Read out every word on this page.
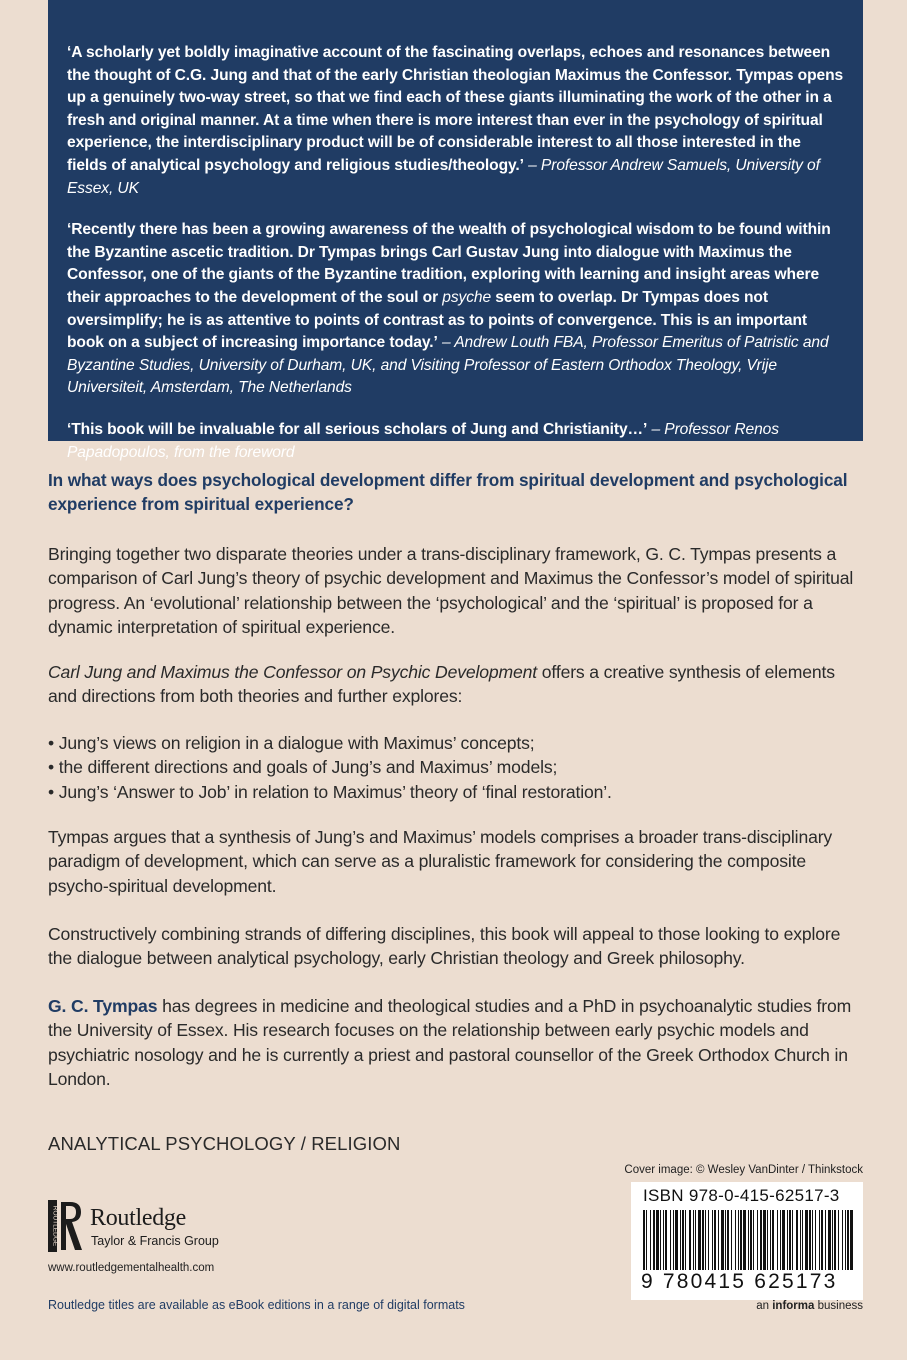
‘A scholarly yet boldly imaginative account of the fascinating overlaps, echoes and resonances between the thought of C.G. Jung and that of the early Christian theologian Maximus the Confessor. Tympas opens up a genuinely two-way street, so that we find each of these giants illuminating the work of the other in a fresh and original manner. At a time when there is more interest than ever in the psychology of spiritual experience, the interdisciplinary product will be of considerable interest to all those interested in the fields of analytical psychology and religious studies/theology.’ – Professor Andrew Samuels, University of Essex, UK

‘Recently there has been a growing awareness of the wealth of psychological wisdom to be found within the Byzantine ascetic tradition. Dr Tympas brings Carl Gustav Jung into dialogue with Maximus the Confessor, one of the giants of the Byzantine tradition, exploring with learning and insight areas where their approaches to the development of the soul or psyche seem to overlap. Dr Tympas does not oversimplify; he is as attentive to points of contrast as to points of convergence. This is an important book on a subject of increasing importance today.’ – Andrew Louth FBA, Professor Emeritus of Patristic and Byzantine Studies, University of Durham, UK, and Visiting Professor of Eastern Orthodox Theology, Vrije Universiteit, Amsterdam, The Netherlands

‘This book will be invaluable for all serious scholars of Jung and Christianity…’ – Professor Renos Papadopoulos, from the foreword

In what ways does psychological development differ from spiritual development and psychological experience from spiritual experience?
Bringing together two disparate theories under a trans-disciplinary framework, G. C. Tympas presents a comparison of Carl Jung’s theory of psychic development and Maximus the Confessor’s model of spiritual progress. An ‘evolutional’ relationship between the ‘psychological’ and the ‘spiritual’ is proposed for a dynamic interpretation of spiritual experience.
Carl Jung and Maximus the Confessor on Psychic Development offers a creative synthesis of elements and directions from both theories and further explores:
• Jung’s views on religion in a dialogue with Maximus’ concepts;
• the different directions and goals of Jung’s and Maximus’ models;
• Jung’s ‘Answer to Job’ in relation to Maximus’ theory of ‘final restoration’.
Tympas argues that a synthesis of Jung’s and Maximus’ models comprises a broader trans-disciplinary paradigm of development, which can serve as a pluralistic framework for considering the composite psycho-spiritual development.
Constructively combining strands of differing disciplines, this book will appeal to those looking to explore the dialogue between analytical psychology, early Christian theology and Greek philosophy.
G. C. Tympas has degrees in medicine and theological studies and a PhD in psychoanalytic studies from the University of Essex. His research focuses on the relationship between early psychic models and psychiatric nosology and he is currently a priest and pastoral counsellor of the Greek Orthodox Church in London.
ANALYTICAL PSYCHOLOGY / RELIGION
Cover image: © Wesley VanDinter / Thinkstock
ISBN 978-0-415-62517-3
9 780415 625173
an informa business
ROUTLEDGE Routledge
Taylor & Francis Group
www.routledgementalhealth.com
Routledge titles are available as eBook editions in a range of digital formats
